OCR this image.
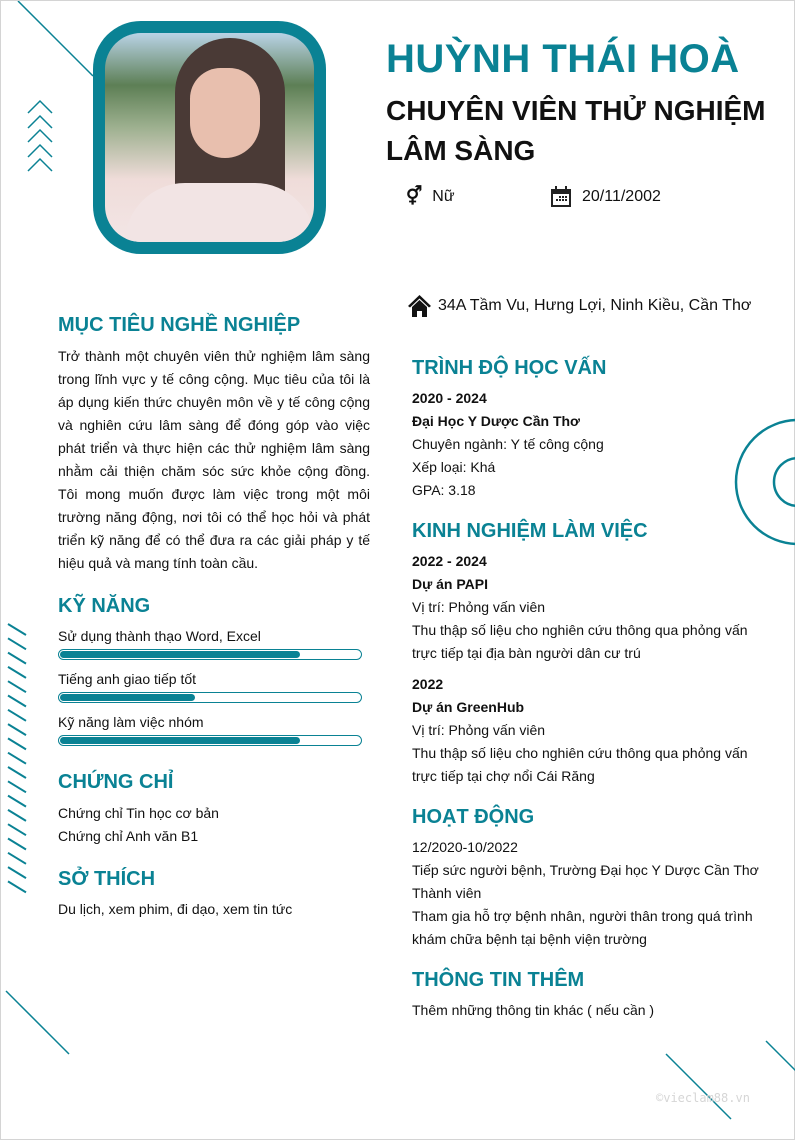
HUỲNH THÁI HOÀ
CHUYÊN VIÊN THỬ NGHIỆM LÂM SÀNG
⚥ Nữ	20/11/2002
34A Tầm Vu, Hưng Lợi, Ninh Kiều, Cần Thơ
MỤC TIÊU NGHỀ NGHIỆP
Trở thành một chuyên viên thử nghiệm lâm sàng trong lĩnh vực y tế công cộng. Mục tiêu của tôi là áp dụng kiến thức chuyên môn về y tế công cộng và nghiên cứu lâm sàng để đóng góp vào việc phát triển và thực hiện các thử nghiệm lâm sàng nhằm cải thiện chăm sóc sức khỏe cộng đồng. Tôi mong muốn được làm việc trong một môi trường năng động, nơi tôi có thể học hỏi và phát triển kỹ năng để có thể đưa ra các giải pháp y tế hiệu quả và mang tính toàn cầu.
KỸ NĂNG
Sử dụng thành thạo Word, Excel
Tiếng anh giao tiếp tốt
Kỹ năng làm việc nhóm
CHỨNG CHỈ
Chứng chỉ Tin học cơ bản
Chứng chỉ Anh văn B1
SỞ THÍCH
Du lịch, xem phim, đi dạo, xem tin tức
TRÌNH ĐỘ HỌC VẤN
2020 - 2024
Đại Học Y Dược Cần Thơ
Chuyên ngành: Y tế công cộng
Xếp loại: Khá
GPA: 3.18
KINH NGHIỆM LÀM VIỆC
2022 - 2024
Dự án PAPI
Vị trí: Phỏng vấn viên
Thu thập số liệu cho nghiên cứu thông qua phỏng vấn
trực tiếp tại địa bàn người dân cư trú
2022
Dự án GreenHub
Vị trí: Phỏng vấn viên
Thu thập số liệu cho nghiên cứu thông qua phỏng vấn
trực tiếp tại chợ nổi Cái Răng
HOẠT ĐỘNG
12/2020-10/2022
Tiếp sức người bệnh, Trường Đại học Y Dược Cần Thơ
Thành viên
Tham gia hỗ trợ bệnh nhân, người thân trong quá trình
khám chữa bệnh tại bệnh viện trường
THÔNG TIN THÊM
Thêm những thông tin khác ( nếu cần )
©vieclam88.vn
